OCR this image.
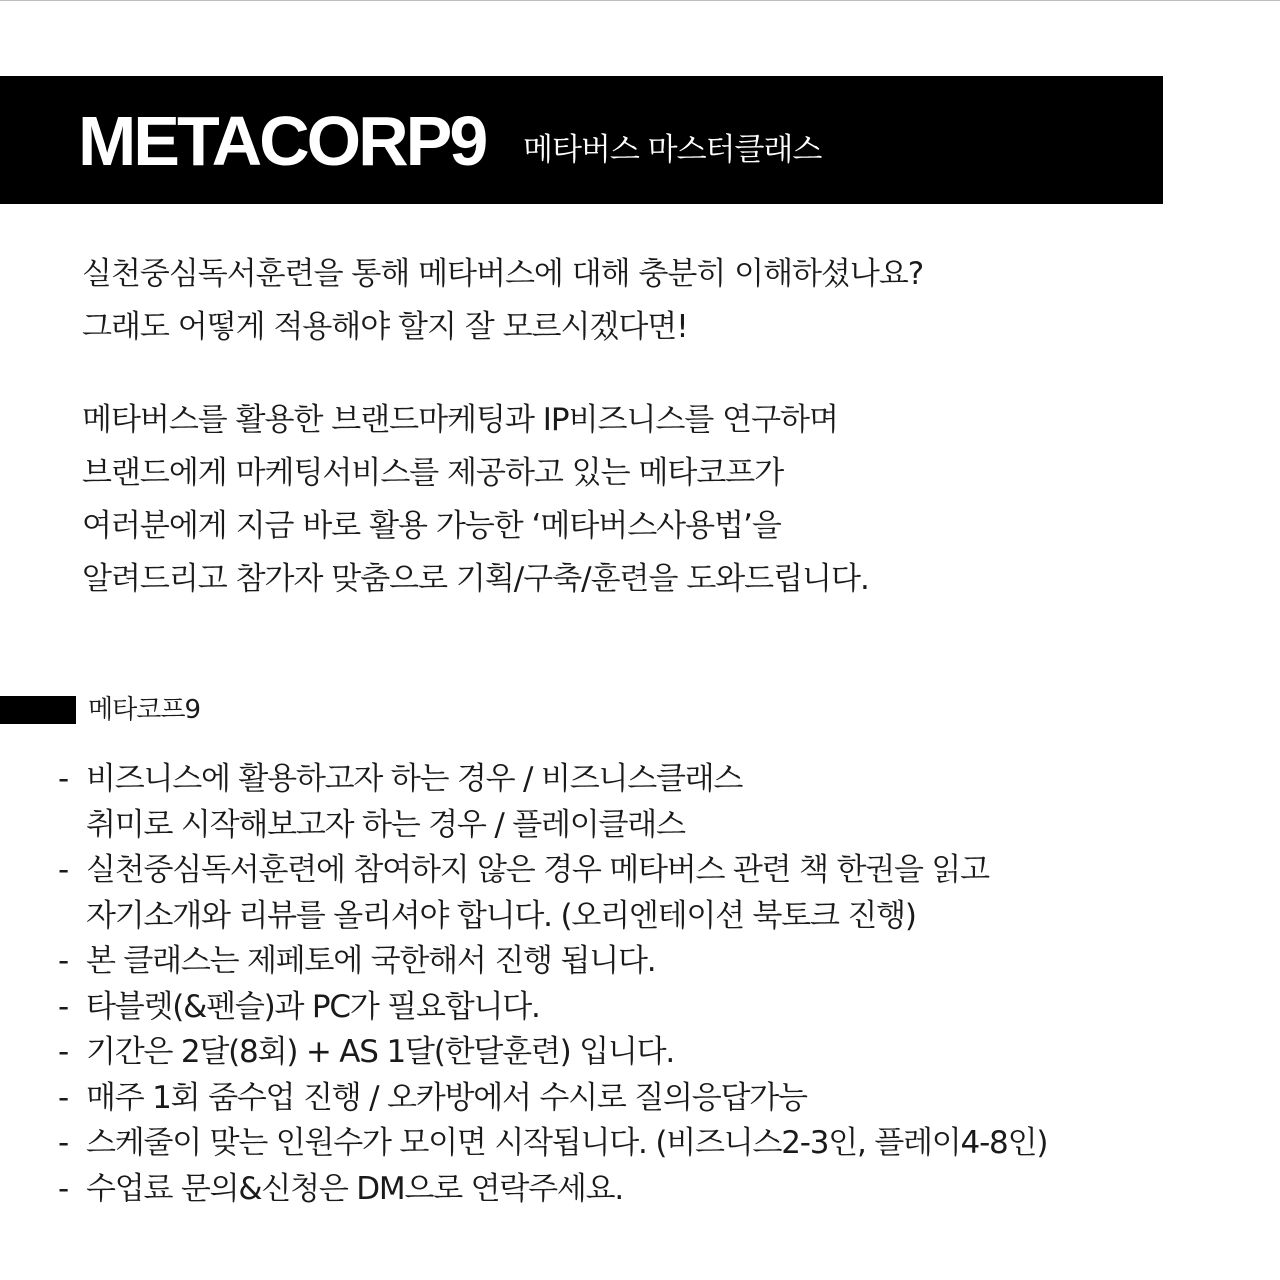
METACORP9 메타버스 마스터클래스
실천중심독서훈련을 통해 메타버스에 대해 충분히 이해하셨나요?
그래도 어떻게 적용해야 할지 잘 모르시겠다면!
메타버스를 활용한 브랜드마케팅과 IP비즈니스를 연구하며
브랜드에게 마케팅서비스를 제공하고 있는 메타코프가
여러분에게 지금 바로 활용 가능한 ‘메타버스사용법’을
알려드리고 참가자 맞춤으로 기획/구축/훈련을 도와드립니다.
메타코프9
- 비즈니스에 활용하고자 하는 경우 / 비즈니스클래스
취미로 시작해보고자 하는 경우 / 플레이클래스
- 실천중심독서훈련에 참여하지 않은 경우 메타버스 관련 책 한권을 읽고
자기소개와 리뷰를 올리셔야 합니다. (오리엔테이션 북토크 진행)
- 본 클래스는 제페토에 국한해서 진행 됩니다.
- 타블렛(&펜슬)과 PC가 필요합니다.
- 기간은 2달(8회) + AS 1달(한달훈련) 입니다.
- 매주 1회 줌수업 진행 / 오카방에서 수시로 질의응답가능
- 스케줄이 맞는 인원수가 모이면 시작됩니다. (비즈니스2-3인, 플레이4-8인)
- 수업료 문의&신청은 DM으로 연락주세요.
